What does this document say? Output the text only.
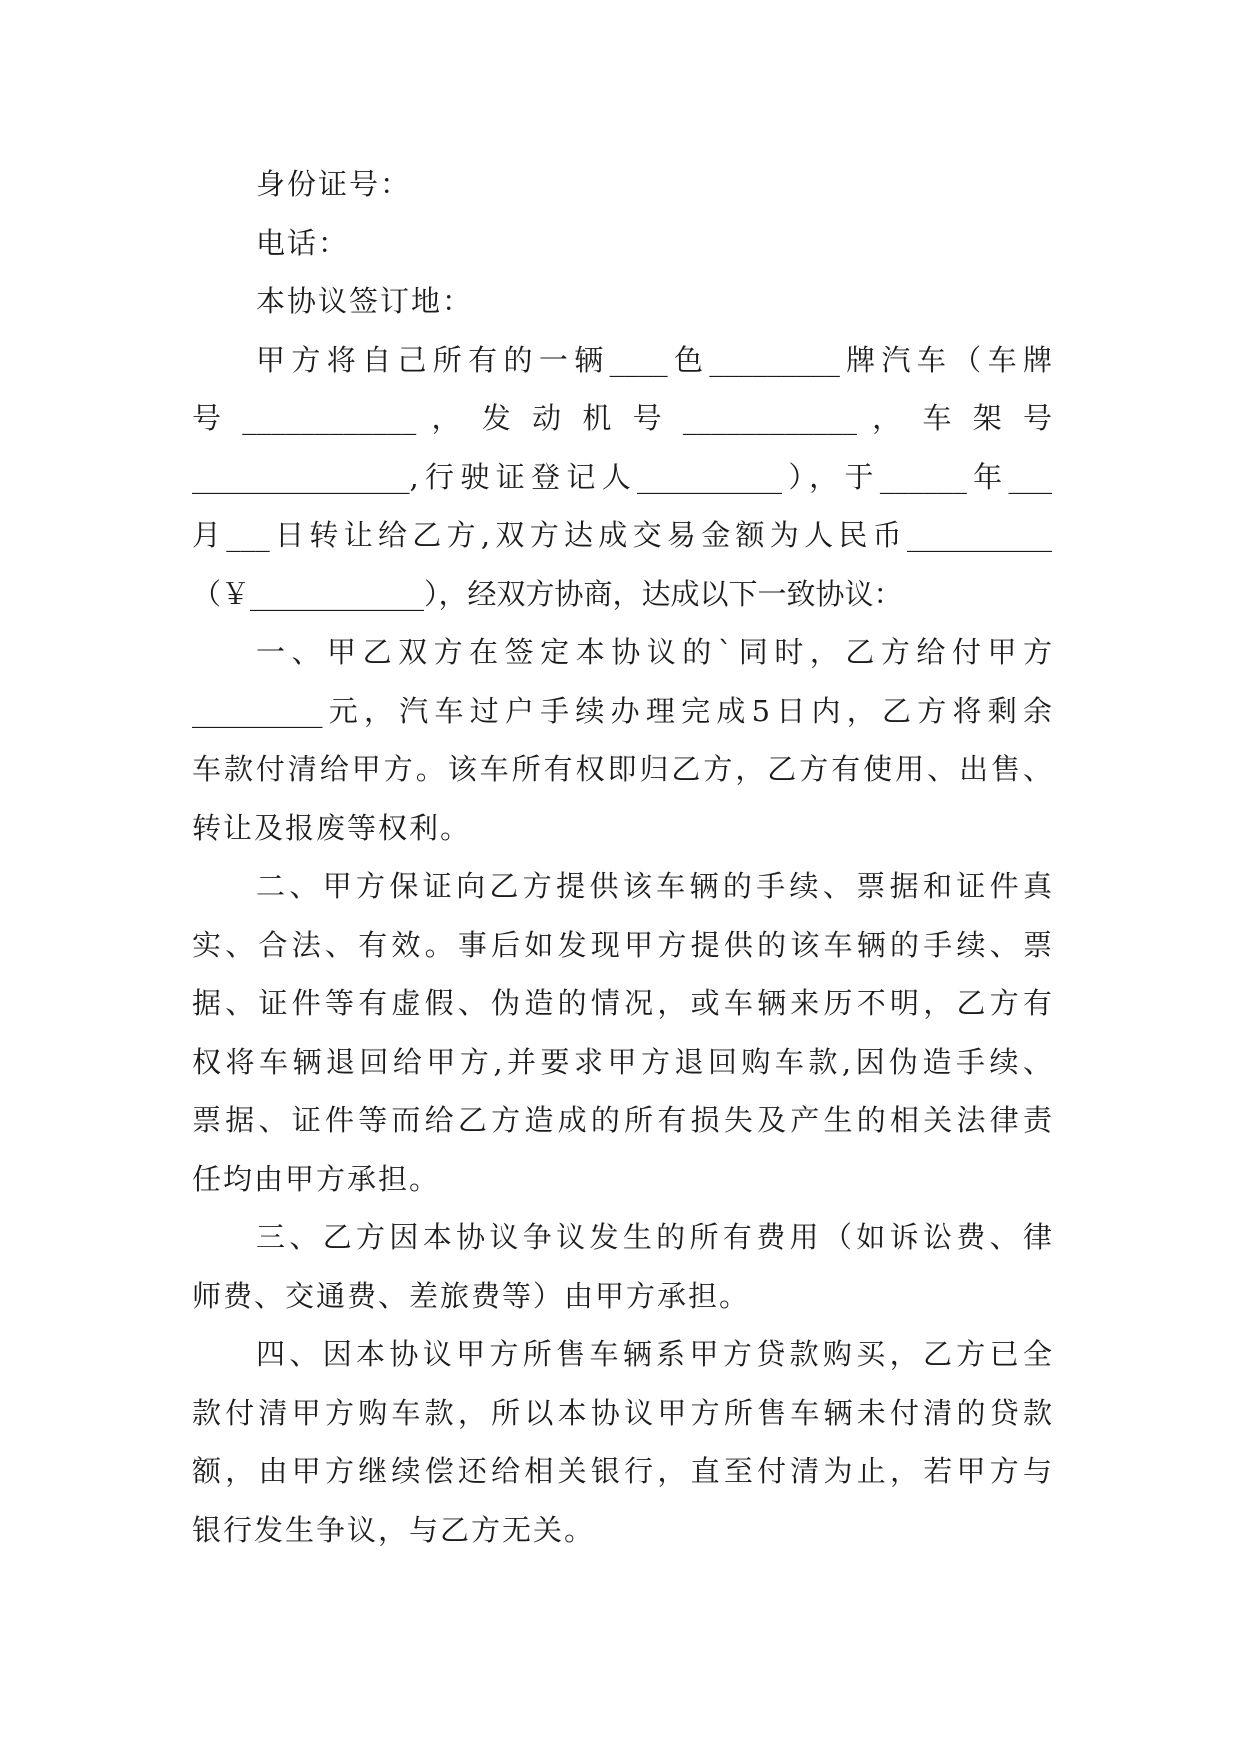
身份证号：
电话：
本协议签订地：
甲方将自己所有的一辆____色_________牌汽车（车牌
号 ____________ ， 发 动 机 号 ____________ ， 车 架 号
_______________,行驶证登记人__________），于______年___
月___日转让给乙方,双方达成交易金额为人民币__________
（￥____________），经双方协商，达成以下一致协议：
一、甲乙双方在签定本协议的`同时，乙方给付甲方
_________元，汽车过户手续办理完成5日内，乙方将剩余
车款付清给甲方。该车所有权即归乙方，乙方有使用、出售、
转让及报废等权利。
二、甲方保证向乙方提供该车辆的手续、票据和证件真
实、合法、有效。事后如发现甲方提供的该车辆的手续、票
据、证件等有虚假、伪造的情况，或车辆来历不明，乙方有
权将车辆退回给甲方,并要求甲方退回购车款,因伪造手续、
票据、证件等而给乙方造成的所有损失及产生的相关法律责
任均由甲方承担。
三、乙方因本协议争议发生的所有费用（如诉讼费、律
师费、交通费、差旅费等）由甲方承担。
四、因本协议甲方所售车辆系甲方贷款购买，乙方已全
款付清甲方购车款，所以本协议甲方所售车辆未付清的贷款
额，由甲方继续偿还给相关银行，直至付清为止，若甲方与
银行发生争议，与乙方无关。
